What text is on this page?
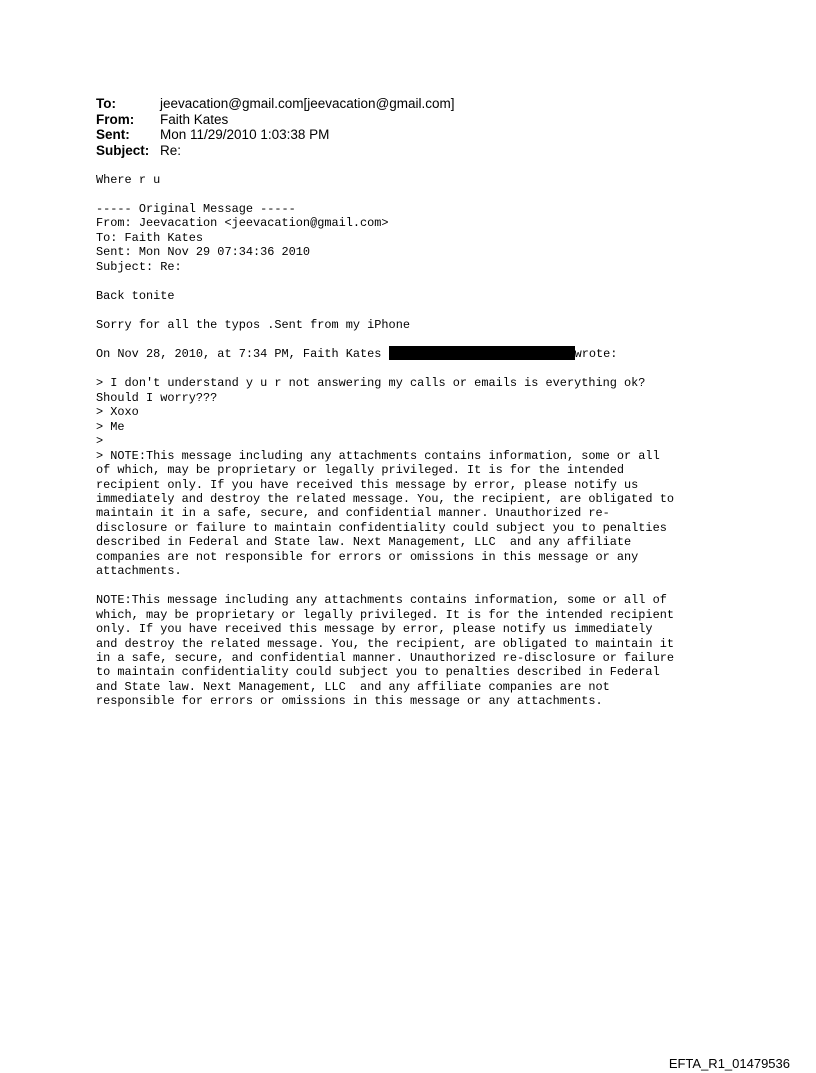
To:	jeevacation@gmail.com[jeevacation@gmail.com]
From:	Faith Kates
Sent:	Mon 11/29/2010 1:03:38 PM
Subject: Re:
Where r u

----- Original Message -----
From: Jeevacation <jeevacation@gmail.com>
To: Faith Kates
Sent: Mon Nov 29 07:34:36 2010
Subject: Re:

Back tonite

Sorry for all the typos .Sent from my iPhone

On Nov 28, 2010, at 7:34 PM, Faith Kates	wrote:

> I don't understand y u r not answering my calls or emails is everything ok?
Should I worry???
> Xoxo
> Me
>
> NOTE:This message including any attachments contains information, some or all
of which, may be proprietary or legally privileged. It is for the intended
recipient only. If you have received this message by error, please notify us
immediately and destroy the related message. You, the recipient, are obligated to
maintain it in a safe, secure, and confidential manner. Unauthorized re-
disclosure or failure to maintain confidentiality could subject you to penalties
described in Federal and State law. Next Management, LLC  and any affiliate
companies are not responsible for errors or omissions in this message or any
attachments.

NOTE:This message including any attachments contains information, some or all of
which, may be proprietary or legally privileged. It is for the intended recipient
only. If you have received this message by error, please notify us immediately
and destroy the related message. You, the recipient, are obligated to maintain it
in a safe, secure, and confidential manner. Unauthorized re-disclosure or failure
to maintain confidentiality could subject you to penalties described in Federal
and State law. Next Management, LLC  and any affiliate companies are not
responsible for errors or omissions in this message or any attachments.
EFTA_R1_01479536
